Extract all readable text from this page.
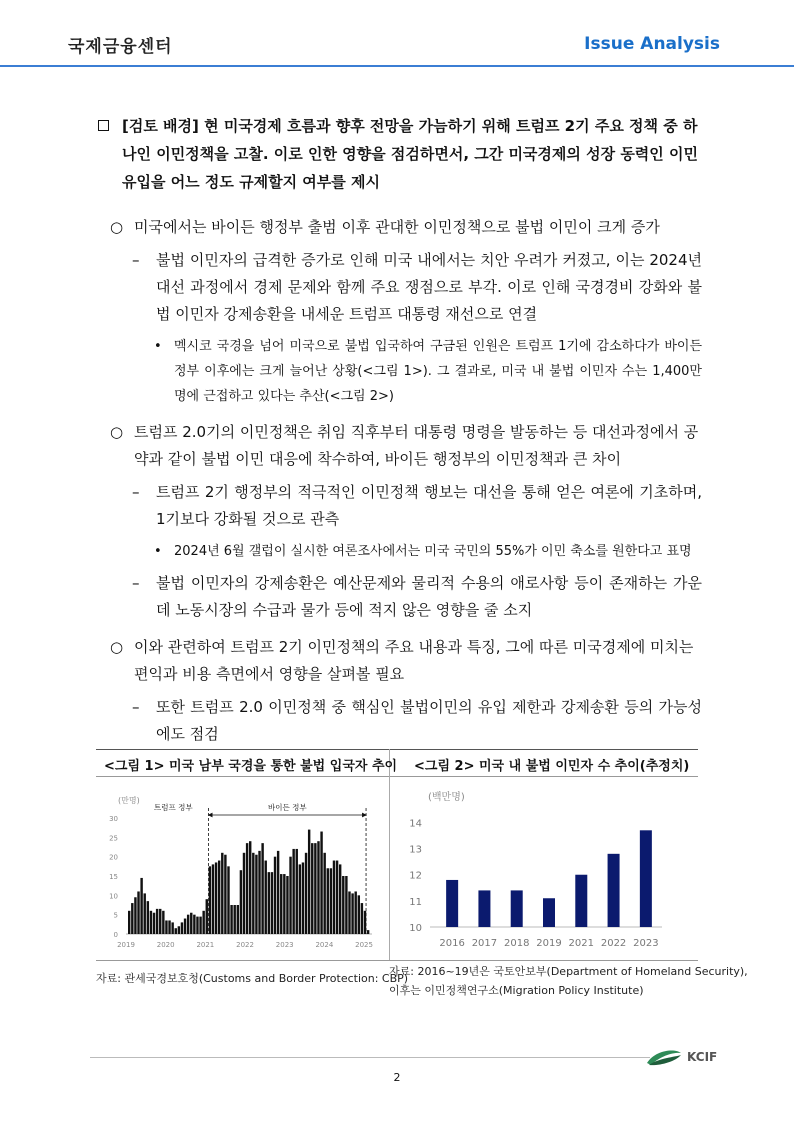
국제금융센터	Issue Analysis
[검토 배경] 현 미국경제 흐름과 향후 전망을 가늠하기 위해 트럼프 2기 주요 정책 중 하나인 이민정책을 고찰. 이로 인한 영향을 점검하면서, 그간 미국경제의 성장 동력인 이민 유입을 어느 정도 규제할지 여부를 제시
○ 미국에서는 바이든 행정부 출범 이후 관대한 이민정책으로 불법 이민이 크게 증가
– 불법 이민자의 급격한 증가로 인해 미국 내에서는 치안 우려가 커졌고, 이는 2024년 대선 과정에서 경제 문제와 함께 주요 쟁점으로 부각. 이로 인해 국경경비 강화와 불법 이민자 강제송환을 내세운 트럼프 대통령 재선으로 연결
• 멕시코 국경을 넘어 미국으로 불법 입국하여 구금된 인원은 트럼프 1기에 감소하다가 바이든 정부 이후에는 크게 늘어난 상황(<그림 1>). 그 결과로, 미국 내 불법 이민자 수는 1,400만명에 근접하고 있다는 추산(<그림 2>)
○ 트럼프 2.0기의 이민정책은 취임 직후부터 대통령 명령을 발동하는 등 대선과정에서 공약과 같이 불법 이민 대응에 착수하여, 바이든 행정부의 이민정책과 큰 차이
– 트럼프 2기 행정부의 적극적인 이민정책 행보는 대선을 통해 얻은 여론에 기초하며, 1기보다 강화될 것으로 관측
• 2024년 6월 갤럽이 실시한 여론조사에서는 미국 국민의 55%가 이민 축소를 원한다고 표명
– 불법 이민자의 강제송환은 예산문제와 물리적 수용의 애로사항 등이 존재하는 가운데 노동시장의 수급과 물가 등에 적지 않은 영향을 줄 소지
○ 이와 관련하여 트럼프 2기 이민정책의 주요 내용과 특징, 그에 따른 미국경제에 미치는 편익과 비용 측면에서 영향을 살펴볼 필요
– 또한 트럼프 2.0 이민정책 중 핵심인 불법이민의 유입 제한과 강제송환 등의 가능성에도 점검
<그림 1> 미국 남부 국경을 통한 불법 입국자 추이 <그림 2> 미국 내 불법 이민자 수 추이(추정치)
(만명)
0
5
10
15
20
25
30
2019	2020	2021	2022	2023	2024	2025
트럼프 정부	바이든 정부
(백만명)
10
11
12
13
14
2016 2017 2018 2019 2021 2022 2023
자료: 관세국경보호청(Customs and Border Protection: CBP)
자료: 2016~19년은 국토안보부(Department of Homeland Security),
이후는 이민정책연구소(Migration Policy Institute)
KCIF
2
